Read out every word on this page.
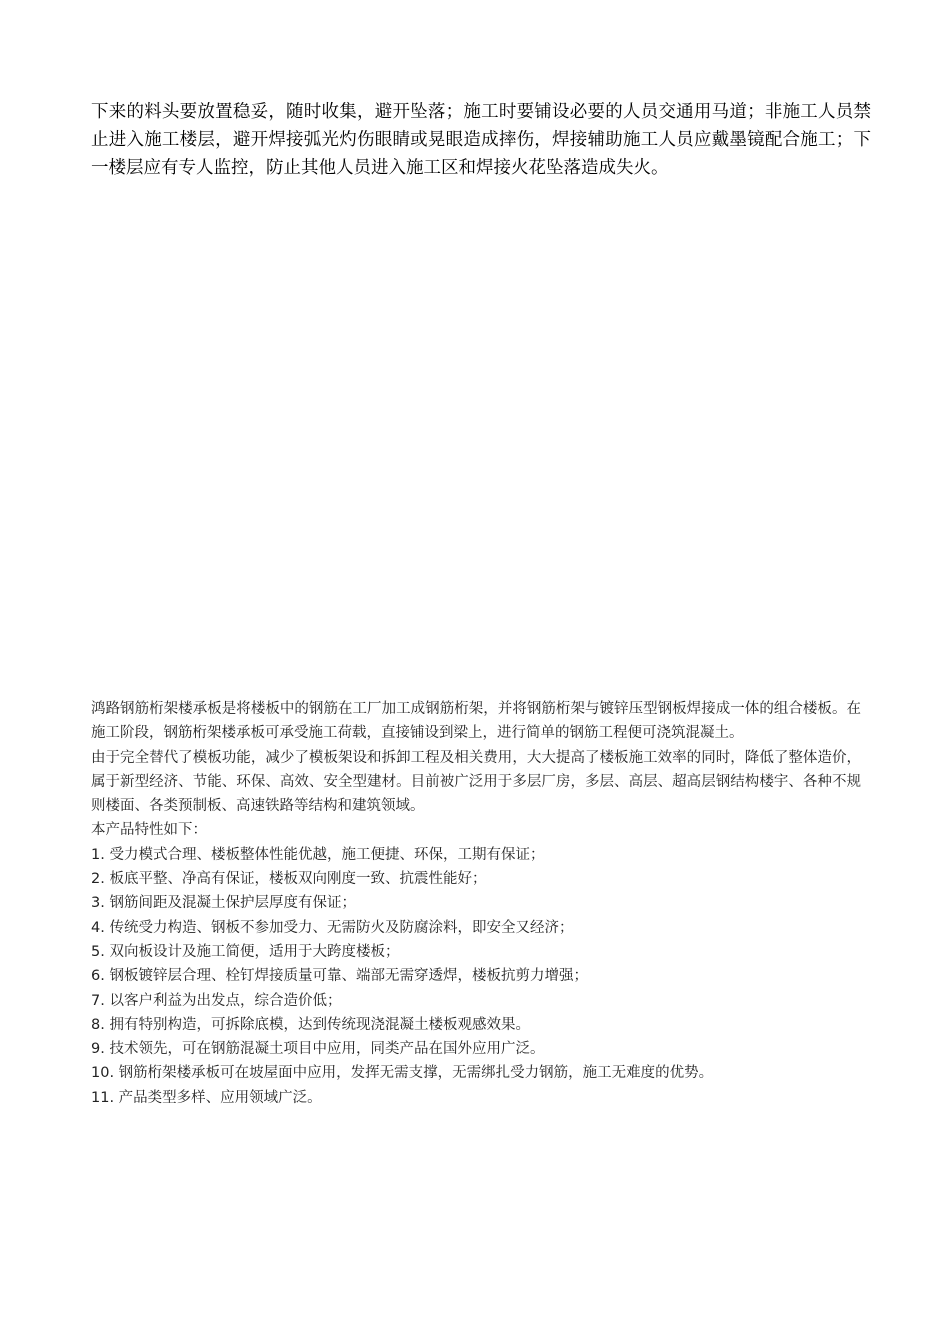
下来的料头要放置稳妥，随时收集，避开坠落；施工时要铺设必要的人员交通用马道；非施工人员禁止进入施工楼层，避开焊接弧光灼伤眼睛或晃眼造成摔伤，焊接辅助施工人员应戴墨镜配合施工；下一楼层应有专人监控，防止其他人员进入施工区和焊接火花坠落造成失火。

鸿路钢筋桁架楼承板是将楼板中的钢筋在工厂加工成钢筋桁架，并将钢筋桁架与镀锌压型钢板焊接成一体的组合楼板。在施工阶段，钢筋桁架楼承板可承受施工荷载，直接铺设到梁上，进行简单的钢筋工程便可浇筑混凝土。

由于完全替代了模板功能，减少了模板架设和拆卸工程及相关费用，大大提高了楼板施工效率的同时，降低了整体造价，属于新型经济、节能、环保、高效、安全型建材。目前被广泛用于多层厂房，多层、高层、超高层钢结构楼宇、各种不规则楼面、各类预制板、高速铁路等结构和建筑领域。

本产品特性如下：

1. 受力模式合理、楼板整体性能优越，施工便捷、环保，工期有保证；
2. 板底平整、净高有保证，楼板双向刚度一致、抗震性能好；
3. 钢筋间距及混凝土保护层厚度有保证；
4. 传统受力构造、钢板不参加受力、无需防火及防腐涂料，即安全又经济；
5. 双向板设计及施工简便，适用于大跨度楼板；
6. 钢板镀锌层合理、栓钉焊接质量可靠、端部无需穿透焊，楼板抗剪力增强；
7. 以客户利益为出发点，综合造价低；
8. 拥有特别构造，可拆除底模，达到传统现浇混凝土楼板观感效果。
9. 技术领先，可在钢筋混凝土项目中应用，同类产品在国外应用广泛。
10. 钢筋桁架楼承板可在坡屋面中应用，发挥无需支撑，无需绑扎受力钢筋，施工无难度的优势。
11. 产品类型多样、应用领域广泛。
